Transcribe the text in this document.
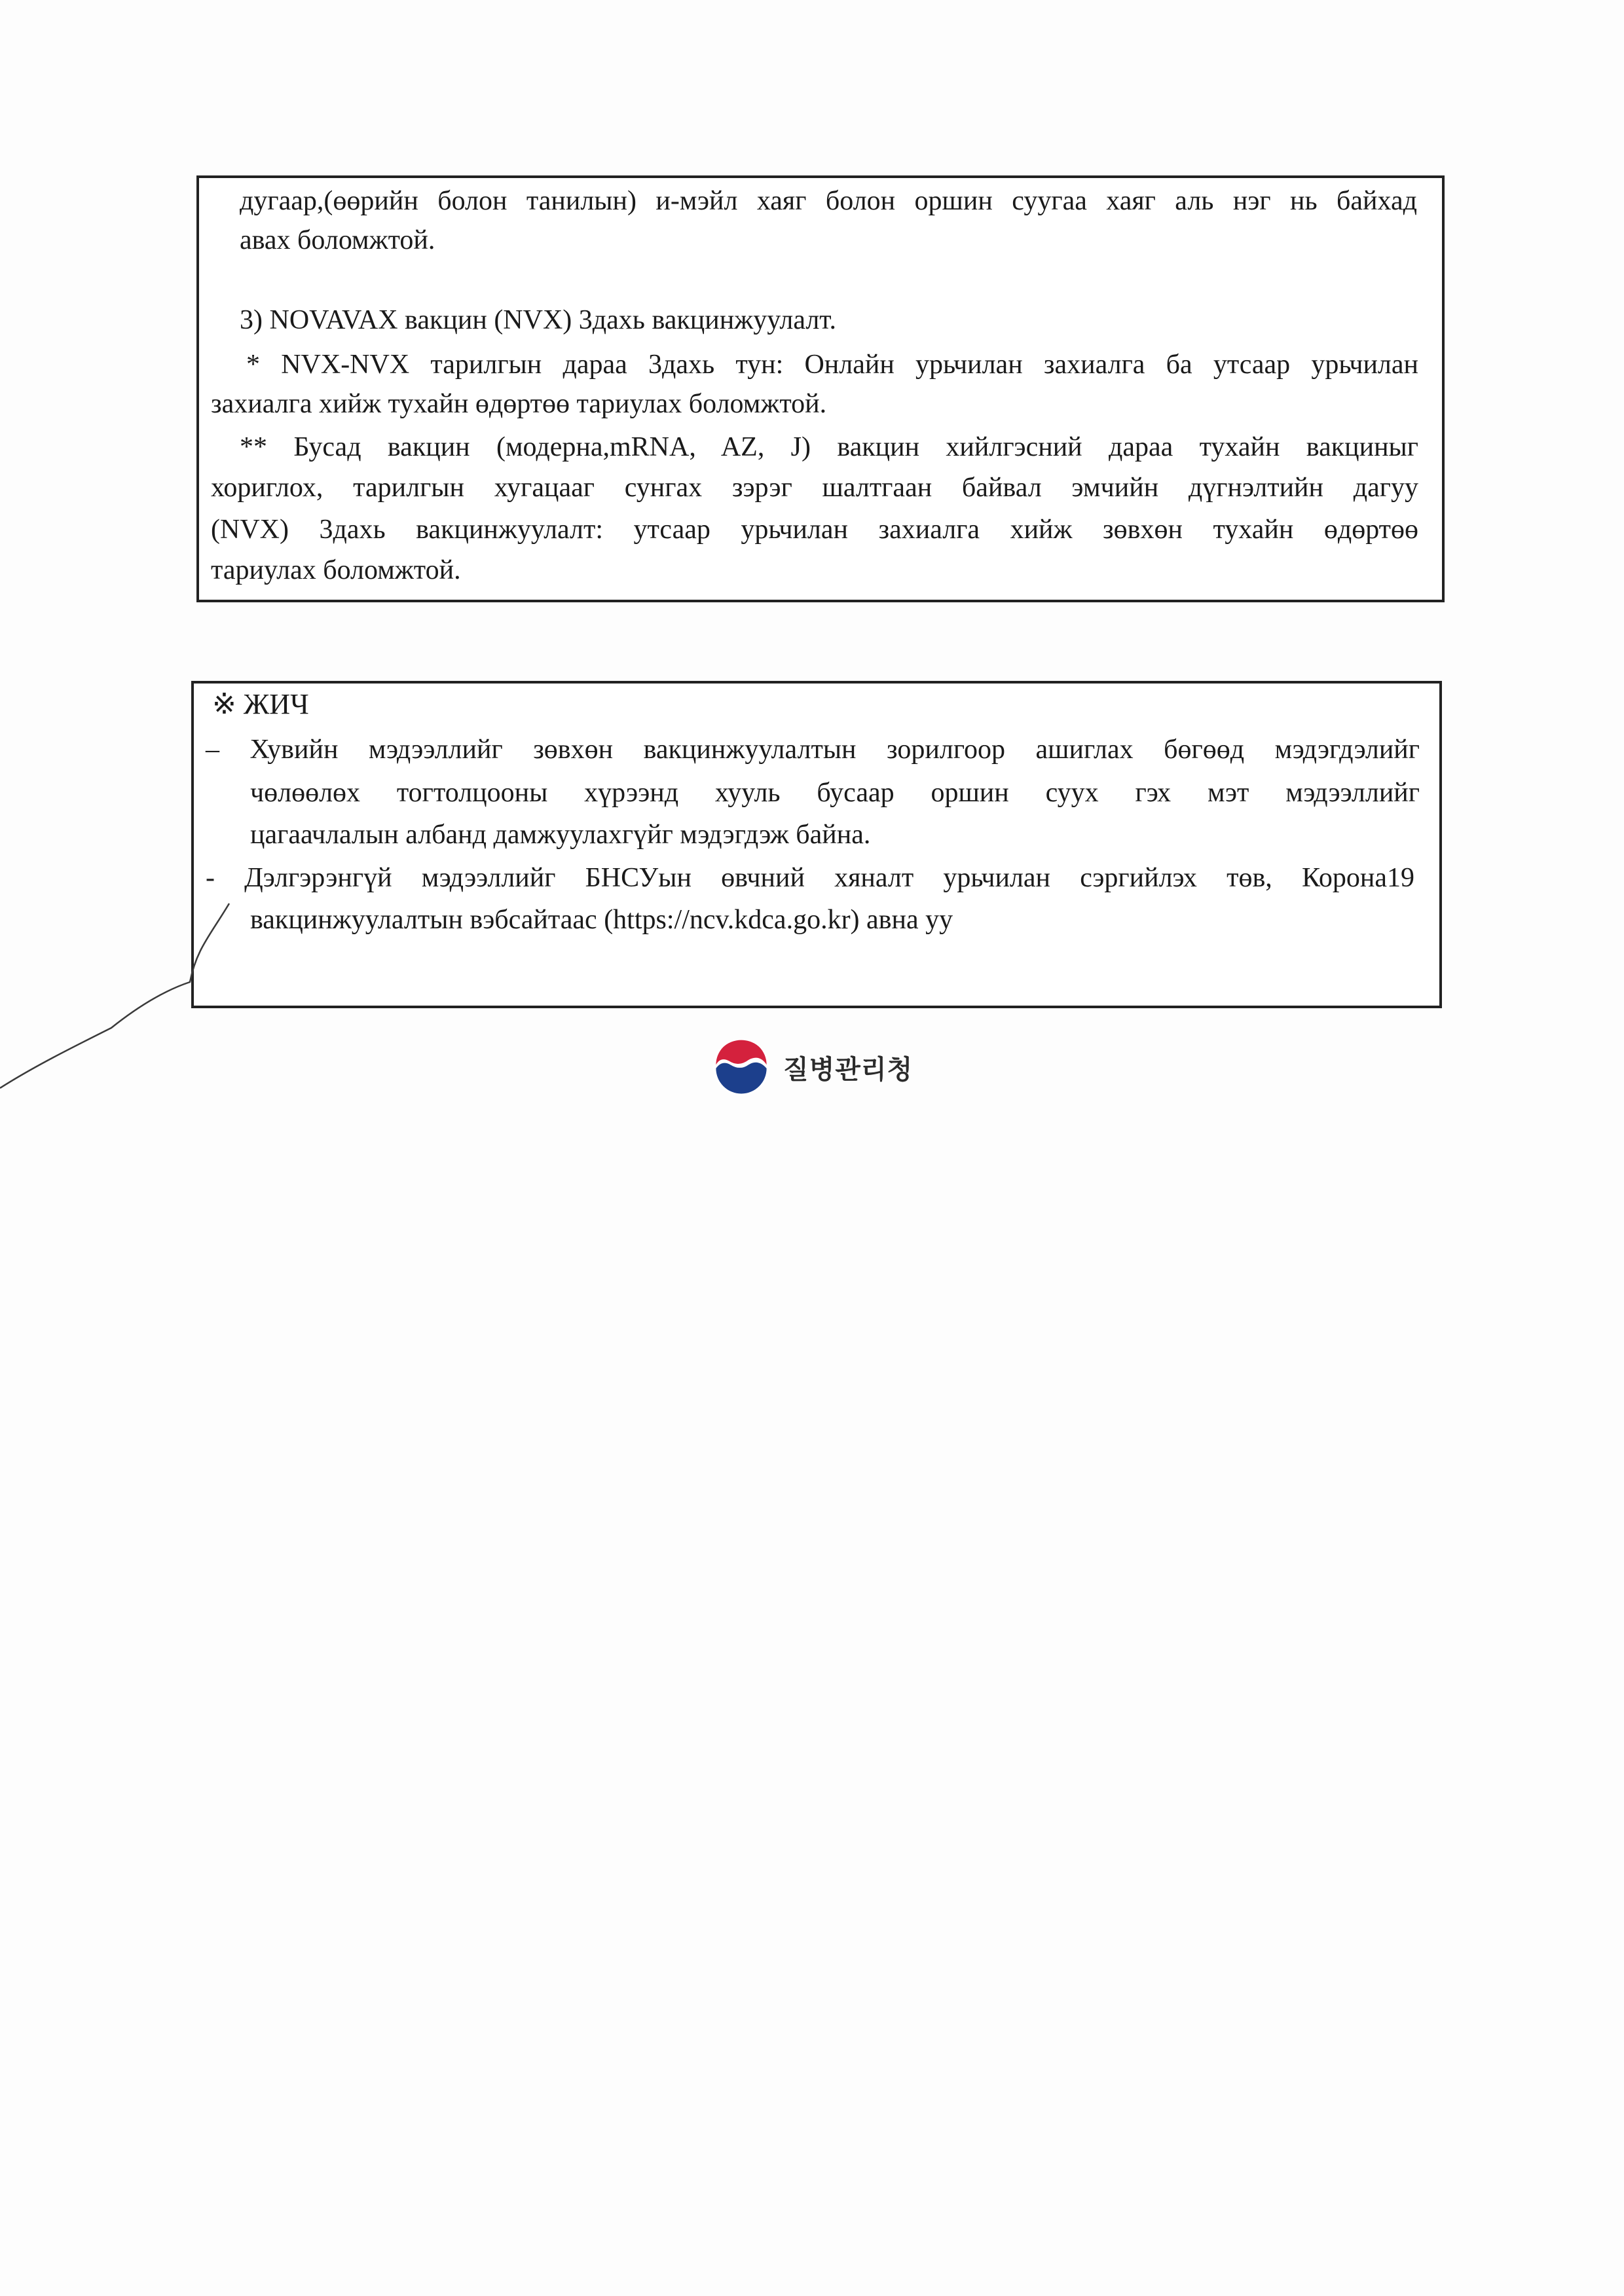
дугаар,(өөрийн болон танилын) и-мэйл хаяг болон оршин суугаа хаяг аль нэг нь байхад
авах боломжтой.
3) NOVAVAX вакцин (NVX) 3дахь вакцинжуулалт.
* NVX-NVX тарилгын дараа 3дахь тун: Онлайн урьчилан захиалга ба утсаар урьчилан
захиалга хийж тухайн өдөртөө тариулах боломжтой.
** Бусад вакцин (модерна,mRNA, AZ, J) вакцин хийлгэсний дараа тухайн вакциныг
хориглох, тарилгын хугацааг сунгах зэрэг шалтгаан байвал эмчийн дүгнэлтийн дагуу
(NVX) 3дахь вакцинжуулалт: утсаар урьчилан захиалга хийж зөвхөн тухайн өдөртөө
тариулах боломжтой.
※ ЖИЧ
– Хувийн мэдээллийг зөвхөн вакцинжуулалтын зорилгоор ашиглах бөгөөд мэдэгдэлийг
чөлөөлөх тогтолцооны хүрээнд хууль бусаар оршин суух гэх мэт мэдээллийг
цагаачлалын албанд дамжуулахгүйг мэдэгдэж байна.
- Дэлгэрэнгүй мэдээллийг БНСУын өвчний хяналт урьчилан сэргийлэх төв, Корона19
вакцинжуулалтын вэбсайтаас (https://ncv.kdca.go.kr) авна уу
질병관리청
